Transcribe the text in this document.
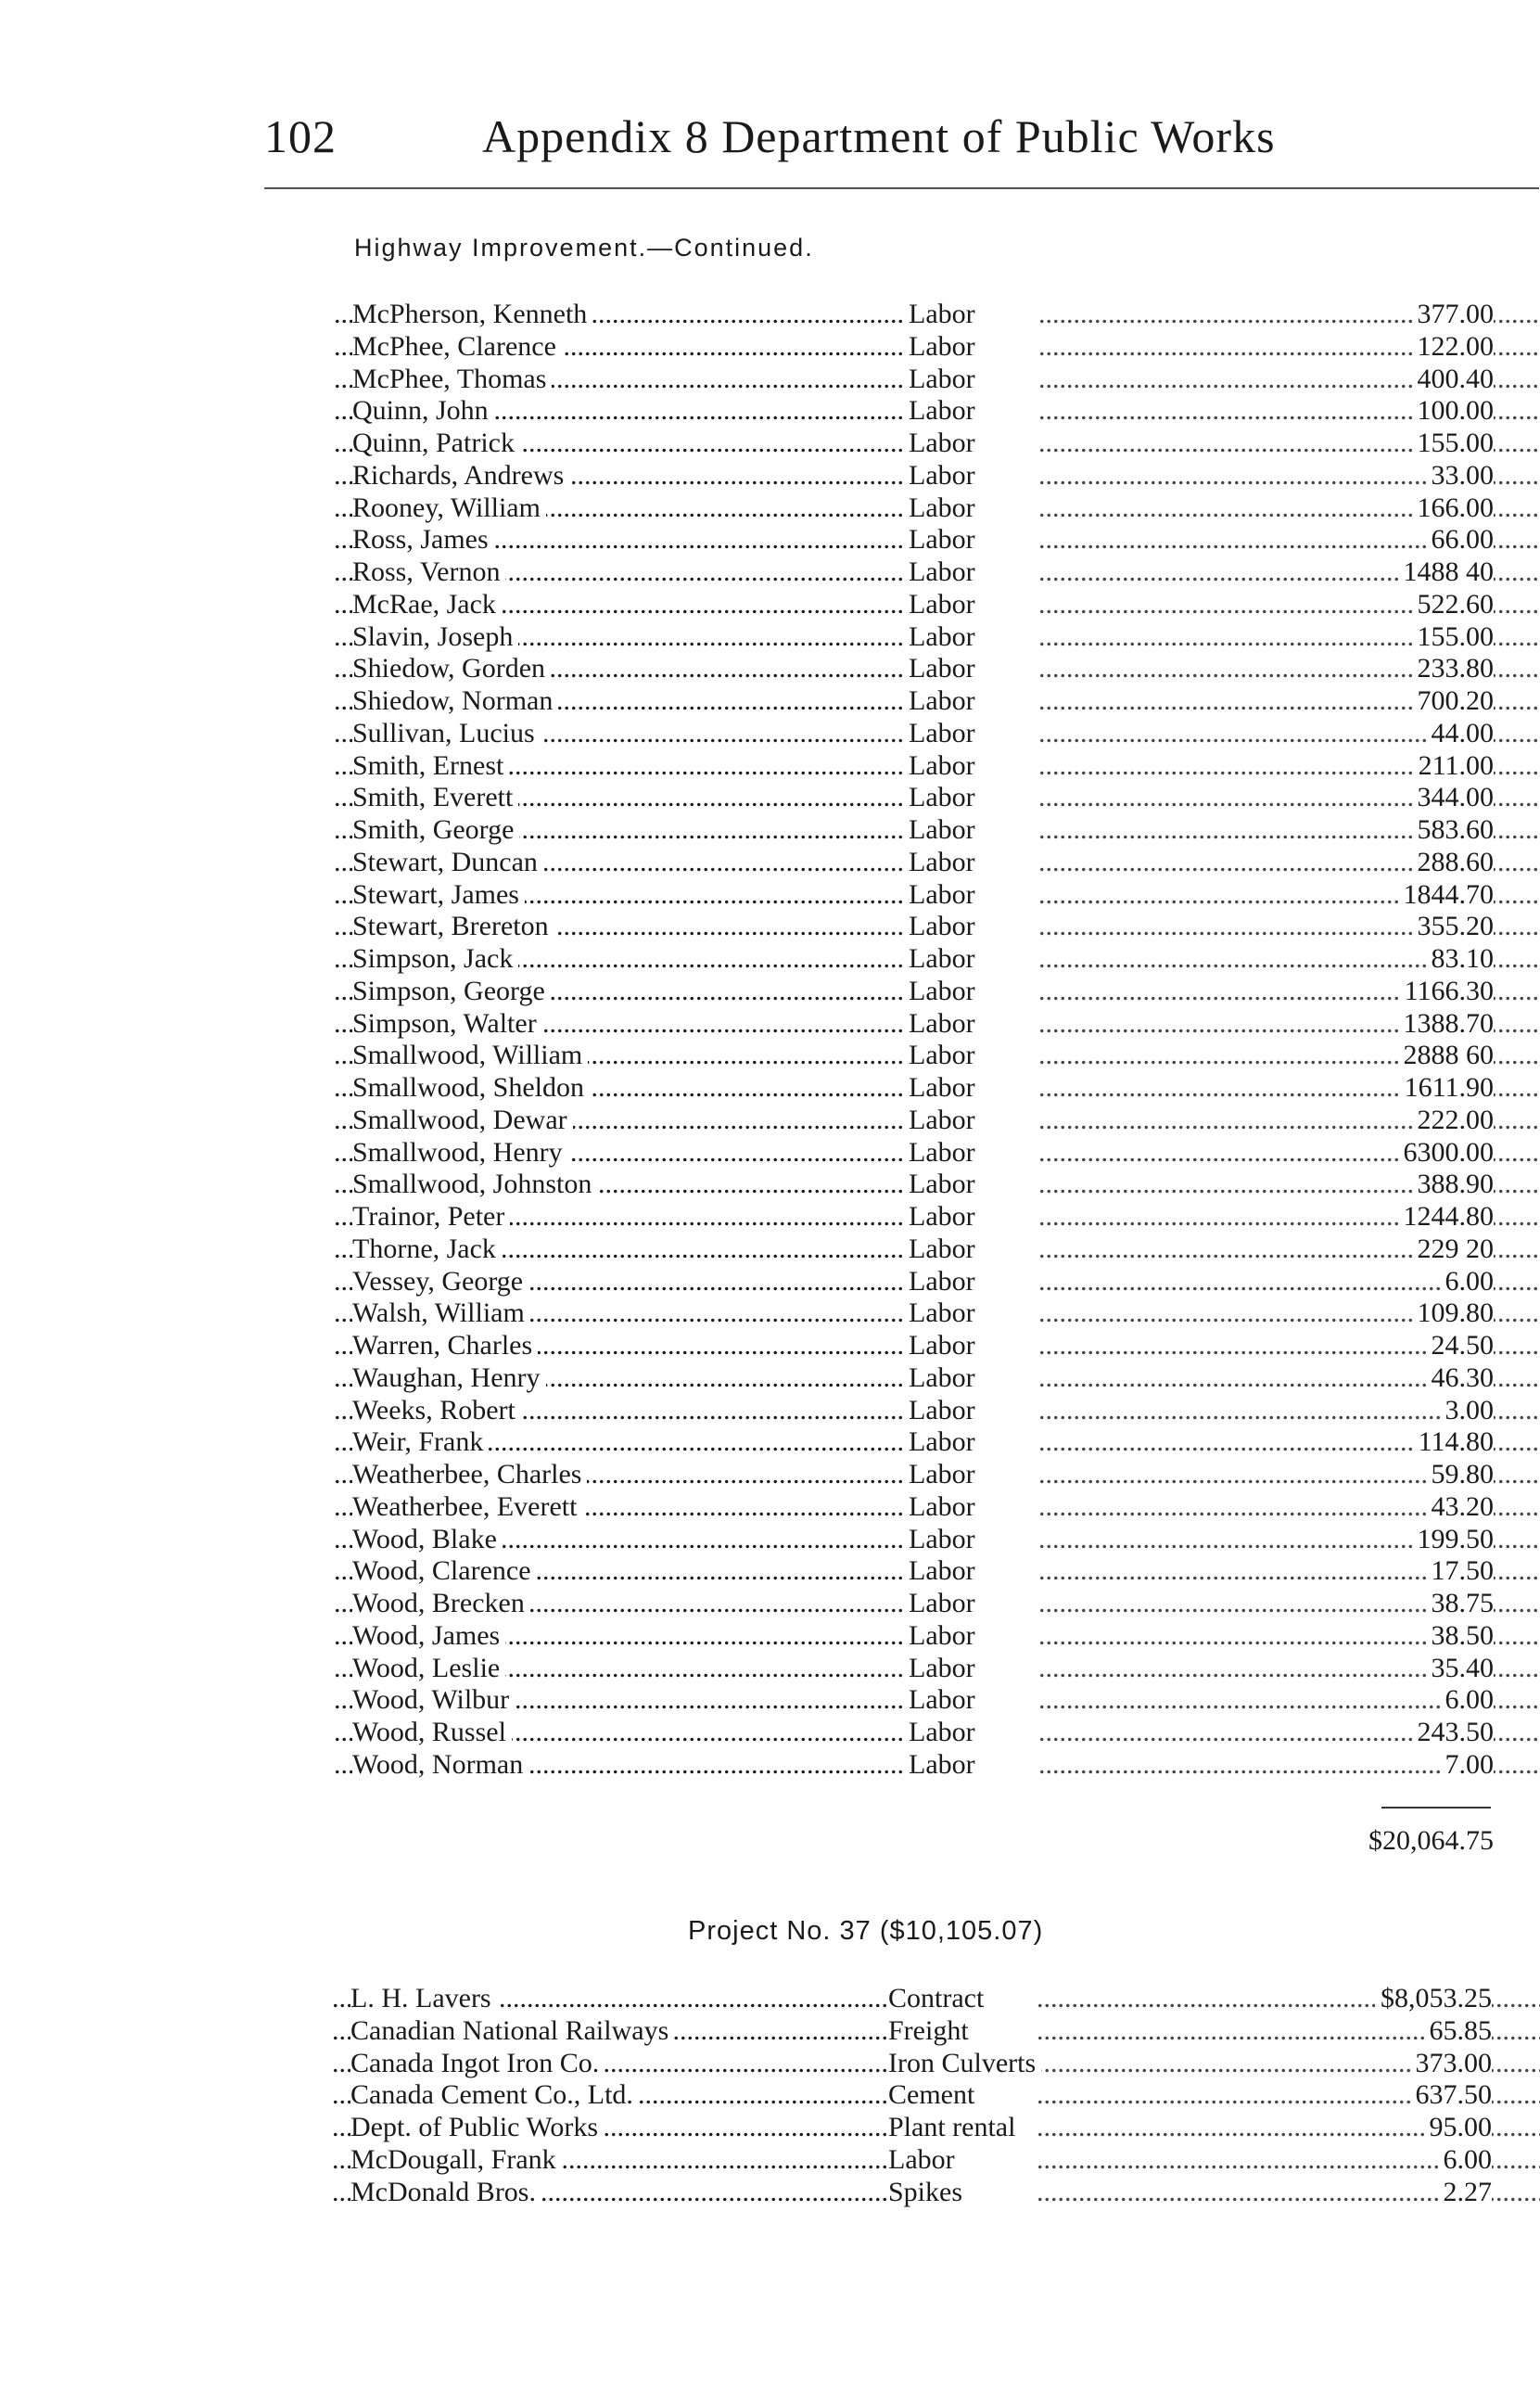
102	Appendix 8 Department of Public Works
Highway Improvement.—Continued.
.....
McPherson, Kenneth	Labor .....	377.00
.....
McPhee, Clarence	Labor .....	122.00
.....
McPhee, Thomas	Labor .....	400.40
.....
Quinn, John	Labor .....	100.00
.....
Quinn, Patrick	Labor .....	155.00
.....
Richards, Andrews	Labor .....	33.00
.....
Rooney, William	Labor .....	166.00
.....
Ross, James	Labor .....	66.00
.....
Ross, Vernon	Labor .....	1488 40
.....
McRae, Jack	Labor .....	522.60
.....
Slavin, Joseph	Labor .....	155.00
.....
Shiedow, Gorden	Labor .....	233.80
.....
Shiedow, Norman	Labor .....	700.20
.....
Sullivan, Lucius	Labor .....	44.00
.....
Smith, Ernest	Labor .....	211.00
.....
Smith, Everett	Labor .....	344.00
.....
Smith, George	Labor .....	583.60
.....
Stewart, Duncan	Labor .....	288.60
.....
Stewart, James	Labor .....	1844.70
.....
Stewart, Brereton	Labor .....	355.20
.....
Simpson, Jack	Labor .....	83.10
.....
Simpson, George	Labor .....	1166.30
.....
Simpson, Walter	Labor .....	1388.70
.....
Smallwood, William	Labor .....	2888 60
.....
Smallwood, Sheldon	Labor .....	1611.90
.....
Smallwood, Dewar	Labor .....	222.00
.....
Smallwood, Henry	Labor .....	6300.00
.....
Smallwood, Johnston	Labor .....	388.90
.....
Trainor, Peter	Labor .....	1244.80
.....
Thorne, Jack	Labor .....	229 20
.....
Vessey, George	Labor .....	6.00
.....
Walsh, William	Labor .....	109.80
.....
Warren, Charles	Labor .....	24.50
.....
Waughan, Henry	Labor .....	46.30
.....
Weeks, Robert	Labor .....	3.00
.....
Weir, Frank	Labor .....	114.80
.....
Weatherbee, Charles	Labor .....	59.80
.....
Weatherbee, Everett	Labor .....	43.20
.....
Wood, Blake	Labor .....	199.50
.....
Wood, Clarence	Labor .....	17.50
.....
Wood, Brecken	Labor .....	38.75
.....
Wood, James	Labor .....	38.50
.....
Wood, Leslie	Labor .....	35.40
.....
Wood, Wilbur	Labor .....	6.00
.....
Wood, Russel	Labor .....	243.50
.....
Wood, Norman	Labor .....	7.00
$20,064.75
Project No. 37 ($10,105.07)
.....
L. H. Lavers	Contract .....	$8,053.25
.....
Canadian National Railways	Freight .....	65.85
.....
Canada Ingot Iron Co.	Iron Culverts .....	373.00
.....
Canada Cement Co., Ltd.	Cement .....	637.50
.....
Dept. of Public Works	Plant rental .....	95.00
.....
McDougall, Frank	Labor .....	6.00
.....
McDonald Bros.	Spikes .....	2.27
